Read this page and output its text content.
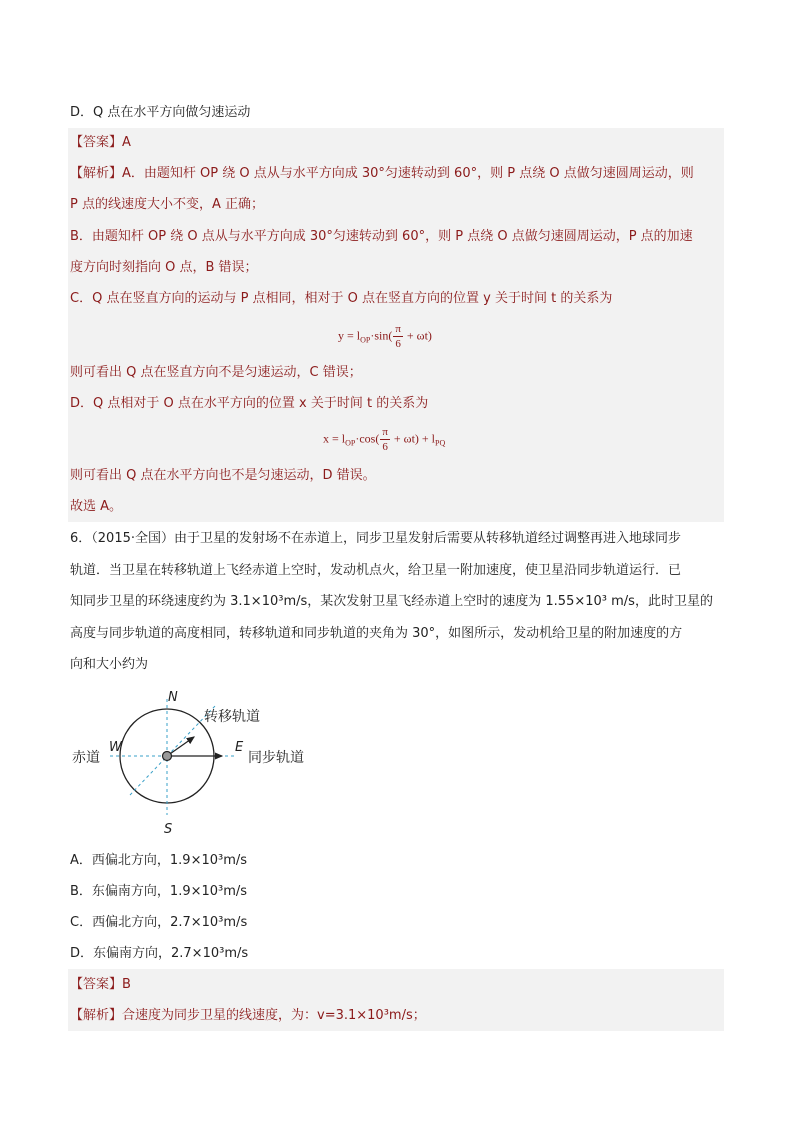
D．Q 点在水平方向做匀速运动
【答案】A
【解析】A．由题知杆 OP 绕 O 点从与水平方向成 30°匀速转动到 60°，则 P 点绕 O 点做匀速圆周运动，则
P 点的线速度大小不变，A 正确；
B．由题知杆 OP 绕 O 点从与水平方向成 30°匀速转动到 60°，则 P 点绕 O 点做匀速圆周运动，P 点的加速
度方向时刻指向 O 点，B 错误；
C．Q 点在竖直方向的运动与 P 点相同，相对于 O 点在竖直方向的位置 y 关于时间 t 的关系为
$y = l_{OP}\cdot\sin( \frac{\pi}{6} + \omega t)$
则可看出 Q 点在竖直方向不是匀速运动，C 错误；
D．Q 点相对于 O 点在水平方向的位置 x 关于时间 t 的关系为
$x = l_{OP}\cdot\cos( \frac{\pi}{6} + \omega t) + l_{PQ}$
则可看出 Q 点在水平方向也不是匀速运动，D 错误。
故选 A。
6．（2015·全国）由于卫星的发射场不在赤道上，同步卫星发射后需要从转移轨道经过调整再进入地球同步
轨道．当卫星在转移轨道上飞经赤道上空时，发动机点火，给卫星一附加速度，使卫星沿同步轨道运行．已
知同步卫星的环绕速度约为 3.1×10³m/s，某次发射卫星飞经赤道上空时的速度为 1.55×10³ m/s，此时卫星的
高度与同步轨道的高度相同，转移轨道和同步轨道的夹角为 30°，如图所示，发动机给卫星的附加速度的方
向和大小约为
N
S
W	E
赤道
转移轨道
同步轨道
A．西偏北方向，1.9×10³m/s
B．东偏南方向，1.9×10³m/s
C．西偏北方向，2.7×10³m/s
D．东偏南方向，2.7×10³m/s
【答案】B
【解析】合速度为同步卫星的线速度，为：v=3.1×10³m/s；
